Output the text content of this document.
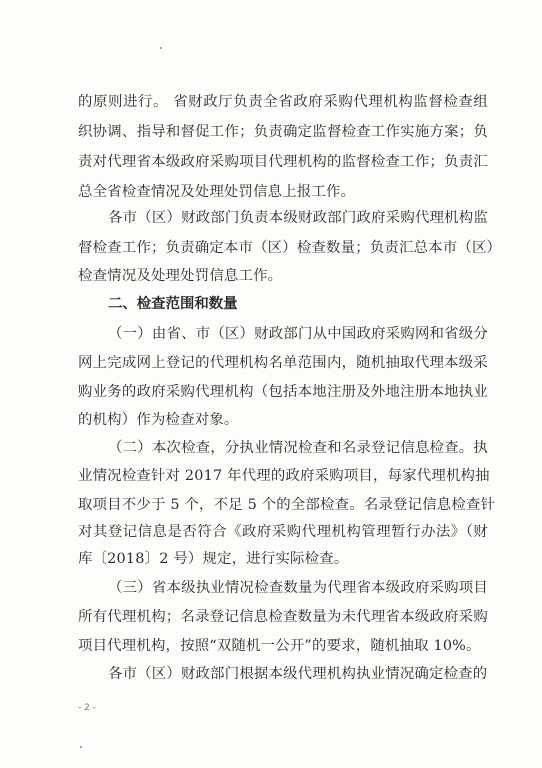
的原则进行。 省财政厅负责全省政府采购代理机构监督检查组
织协调、指导和督促工作；负责确定监督检查工作实施方案；负
责对代理省本级政府采购项目代理机构的监督检查工作；负责汇
总全省检查情况及处理处罚信息上报工作。
各市（区）财政部门负责本级财政部门政府采购代理机构监
督检查工作；负责确定本市（区）检查数量；负责汇总本市（区）
检查情况及处理处罚信息工作。
二、检查范围和数量
（一）由省、市（区）财政部门从中国政府采购网和省级分
网上完成网上登记的代理机构名单范围内，随机抽取代理本级采
购业务的政府采购代理机构（包括本地注册及外地注册本地执业
的机构）作为检查对象。
（二）本次检查，分执业情况检查和名录登记信息检查。执
业情况检查针对 2017 年代理的政府采购项目，每家代理机构抽
取项目不少于 5 个，不足 5 个的全部检查。名录登记信息检查针
对其登记信息是否符合《政府采购代理机构管理暂行办法》（财
库〔2018〕2 号）规定，进行实际检查。
（三）省本级执业情况检查数量为代理省本级政府采购项目
所有代理机构；名录登记信息检查数量为未代理省本级政府采购
项目代理机构，按照“双随机一公开”的要求，随机抽取 10%。
各市（区）财政部门根据本级代理机构执业情况确定检查的
- 2 -
